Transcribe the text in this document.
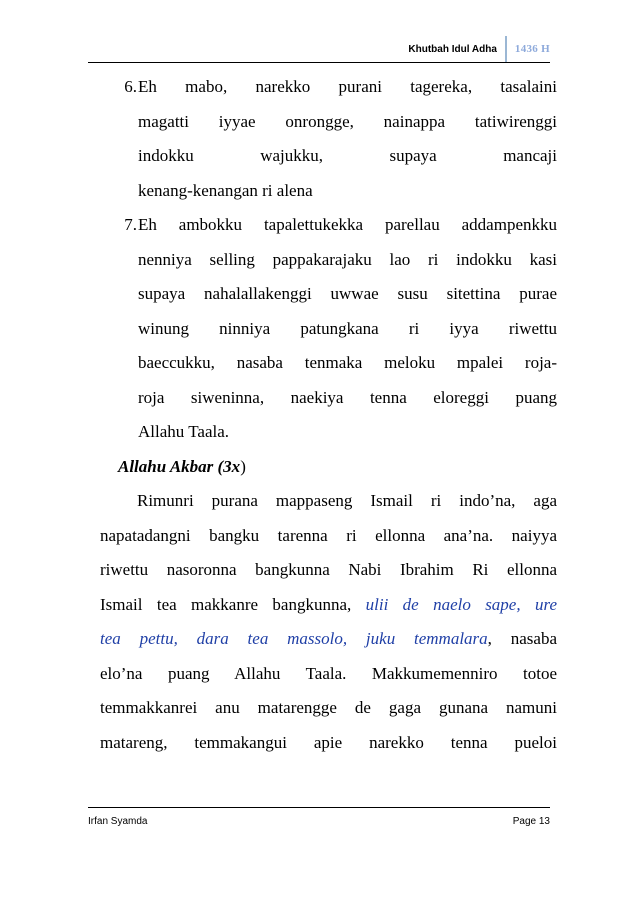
Khutbah Idul Adha	1436 H
6. Eh mabo, narekko purani tagereka, tasalaini
magatti iyyae onrongge, nainappa tatiwirenggi
indokku wajukku, supaya mancaji
kenang-kenangan ri alena
7. Eh ambokku tapalettukekka parellau addampenkku
nenniya selling pappakarajaku lao ri indokku kasi
supaya nahalallakenggi uwwae susu sitettina purae
winung ninniya patungkana ri iyya riwettu
baeccukku, nasaba tenmaka meloku mpalei roja-
roja siweninna, naekiya tenna eloreggi puang
Allahu Taala.
Allahu Akbar (3x)
Rimunri purana mappaseng Ismail ri indo’na, aga
napatadangni bangku tarenna ri ellonna ana’na. naiyya
riwettu nasoronna bangkunna Nabi Ibrahim Ri ellonna
Ismail tea makkanre bangkunna, ulii de naelo sape, ure
tea pettu, dara tea massolo, juku temmalara, nasaba
elo’na puang Allahu Taala. Makkumemenniro totoe
temmakkanrei anu matarengge de gaga gunana namuni
matareng, temmakangui apie narekko tenna pueloi
Irfan Syamda	Page 13
